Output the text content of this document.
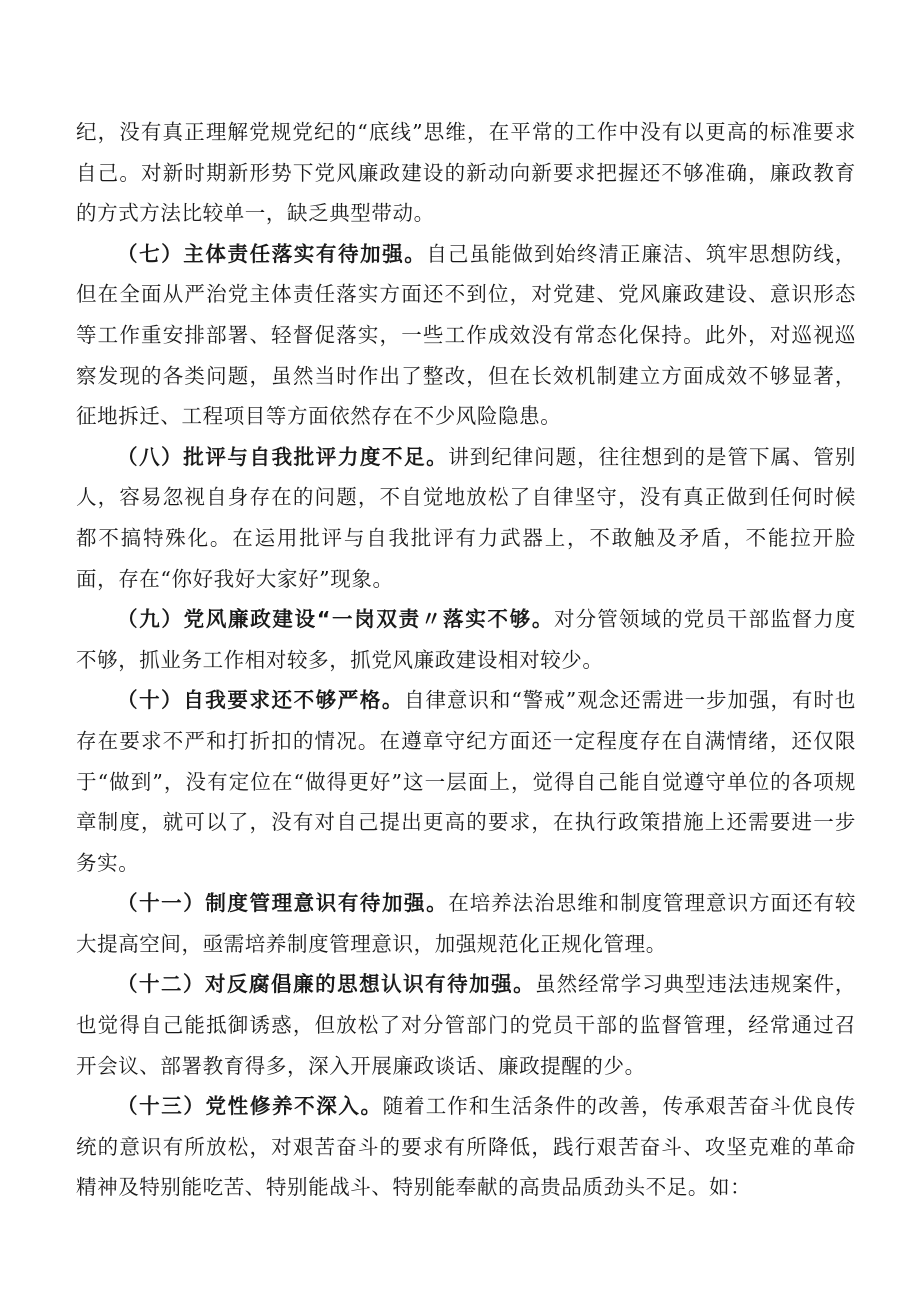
纪，没有真正理解党规党纪的“底线”思维，在平常的工作中没有以更高的标准要求自己。对新时期新形势下党风廉政建设的新动向新要求把握还不够准确，廉政教育的方式方法比较单一，缺乏典型带动。

（七）主体责任落实有待加强。自己虽能做到始终清正廉洁、筑牢思想防线，但在全面从严治党主体责任落实方面还不到位，对党建、党风廉政建设、意识形态等工作重安排部署、轻督促落实，一些工作成效没有常态化保持。此外，对巡视巡察发现的各类问题，虽然当时作出了整改，但在长效机制建立方面成效不够显著，征地拆迁、工程项目等方面依然存在不少风险隐患。

（八）批评与自我批评力度不足。讲到纪律问题，往往想到的是管下属、管别人，容易忽视自身存在的问题，不自觉地放松了自律坚守，没有真正做到任何时候都不搞特殊化。在运用批评与自我批评有力武器上，不敢触及矛盾，不能拉开脸面，存在“你好我好大家好”现象。

（九）党风廉政建设“一岗双责〃落实不够。对分管领域的党员干部监督力度不够，抓业务工作相对较多，抓党风廉政建设相对较少。

（十）自我要求还不够严格。自律意识和“警戒”观念还需进一步加强，有时也存在要求不严和打折扣的情况。在遵章守纪方面还一定程度存在自满情绪，还仅限于“做到”，没有定位在“做得更好”这一层面上，觉得自己能自觉遵守单位的各项规章制度，就可以了，没有对自己提出更高的要求，在执行政策措施上还需要进一步务实。

（十一）制度管理意识有待加强。在培养法治思维和制度管理意识方面还有较大提高空间，亟需培养制度管理意识，加强规范化正规化管理。

（十二）对反腐倡廉的思想认识有待加强。虽然经常学习典型违法违规案件，也觉得自己能抵御诱惑，但放松了对分管部门的党员干部的监督管理，经常通过召开会议、部署教育得多，深入开展廉政谈话、廉政提醒的少。

（十三）党性修养不深入。随着工作和生活条件的改善，传承艰苦奋斗优良传统的意识有所放松，对艰苦奋斗的要求有所降低，践行艰苦奋斗、攻坚克难的革命精神及特别能吃苦、特别能战斗、特别能奉献的高贵品质劲头不足。如：
